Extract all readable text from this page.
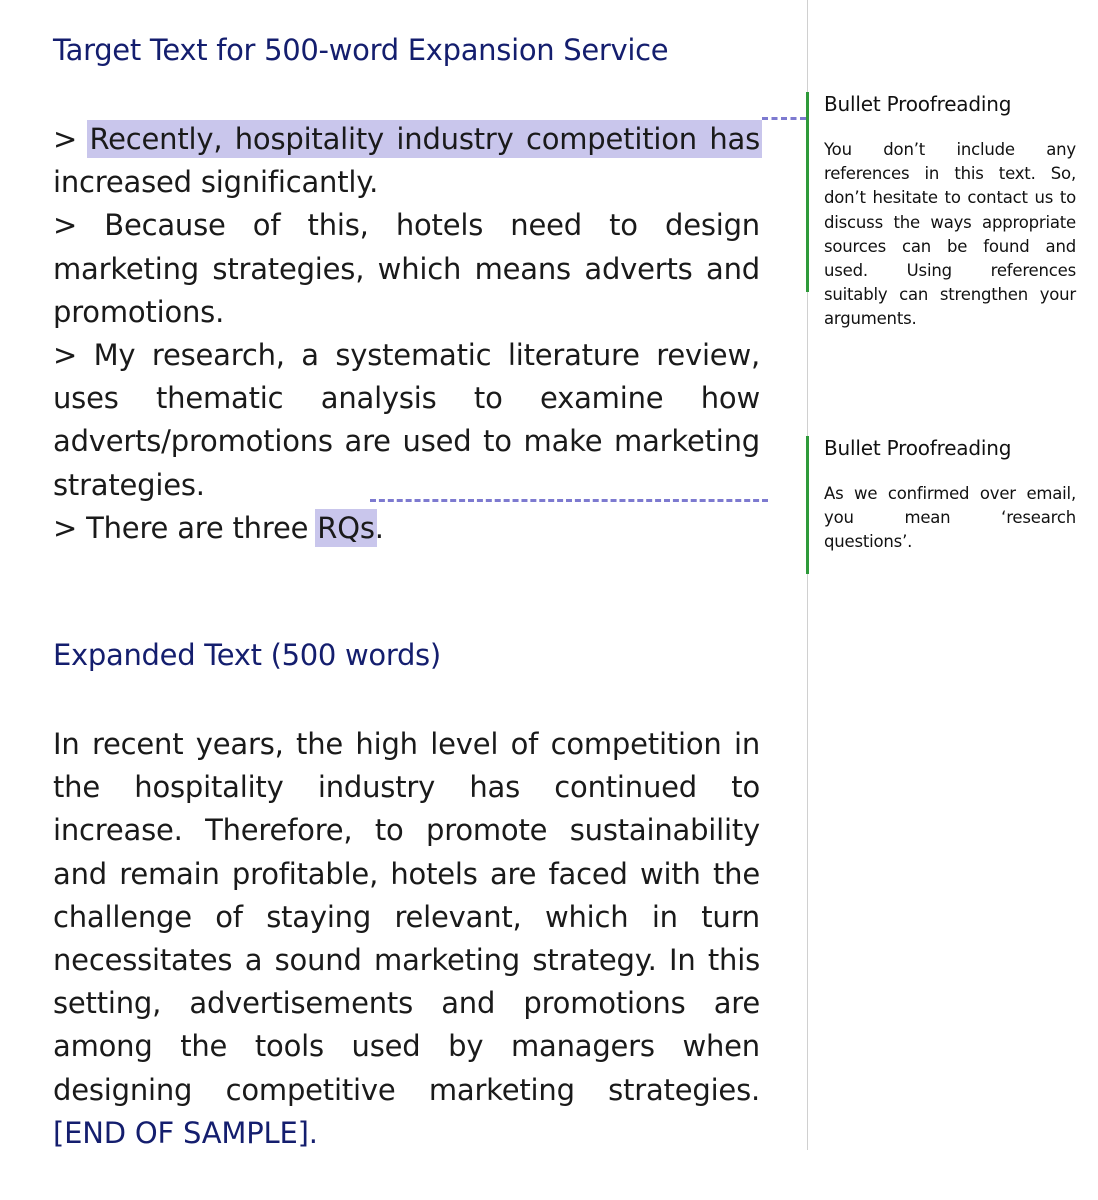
Target Text for 500-word Expansion Service

> Recently, hospitality industry competition has increased significantly.

> Because of this, hotels need to design marketing strategies, which means adverts and promotions.

> My research, a systematic literature review, uses thematic analysis to examine how adverts/promotions are used to make marketing strategies.

> There are three RQs.

Expanded Text (500 words)

In recent years, the high level of competition in the hospitality industry has continued to increase. Therefore, to promote sustainability and remain profitable, hotels are faced with the challenge of staying relevant, which in turn necessitates a sound marketing strategy. In this setting, advertisements and promotions are among the tools used by managers when designing competitive marketing strategies. [END OF SAMPLE].

Bullet Proofreading

You don’t include any references in this text. So, don’t hesitate to contact us to discuss the ways appropriate sources can be found and used. Using references suitably can strengthen your arguments.

Bullet Proofreading

As we confirmed over email, you mean ‘research questions’.
